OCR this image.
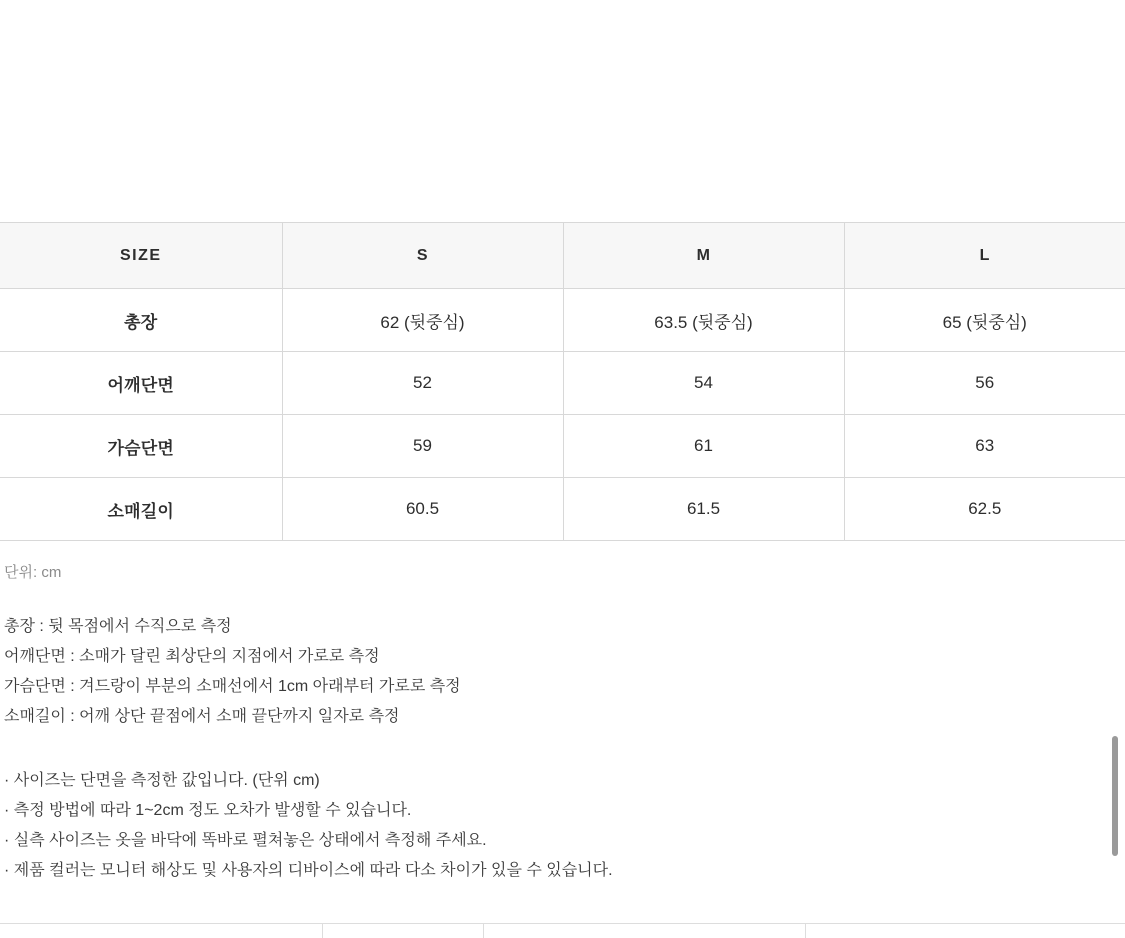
SIZE	S	M	L
총장	62 (뒷중심)	63.5 (뒷중심)	65 (뒷중심)
어깨단면	52	54	56
가슴단면	59	61	63
소매길이	60.5	61.5	62.5
단위: cm
총장 : 뒷 목점에서 수직으로 측정
어깨단면 : 소매가 달린 최상단의 지점에서 가로로 측정
가슴단면 : 겨드랑이 부분의 소매선에서 1cm 아래부터 가로로 측정
소매길이 : 어깨 상단 끝점에서 소매 끝단까지 일자로 측정
· 사이즈는 단면을 측정한 값입니다. (단위 cm)
· 측정 방법에 따라 1~2cm 정도 오차가 발생할 수 있습니다.
· 실측 사이즈는 옷을 바닥에 똑바로 펼쳐놓은 상태에서 측정해 주세요.
· 제품 컬러는 모니터 해상도 및 사용자의 디바이스에 따라 다소 차이가 있을 수 있습니다.
